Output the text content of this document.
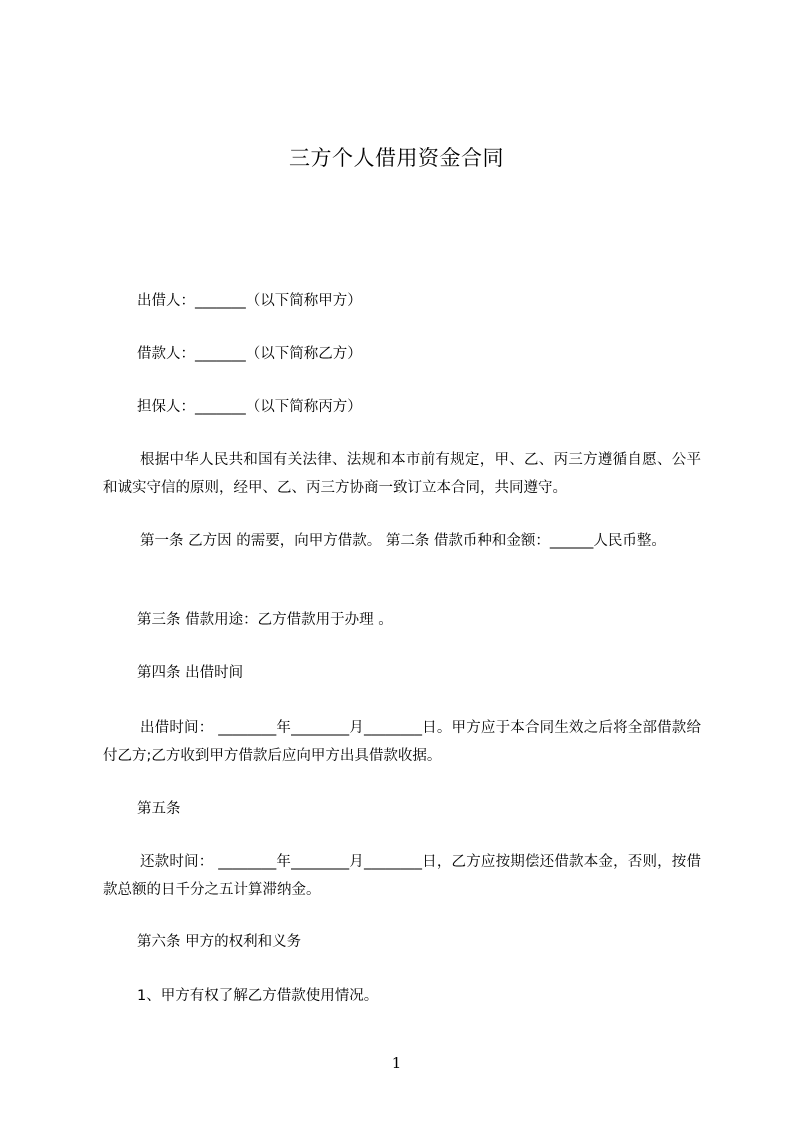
三方个人借用资金合同
出借人：_______（以下简称甲方）
借款人：_______（以下简称乙方）
担保人：_______（以下简称丙方）
根据中华人民共和国有关法律、法规和本市前有规定，甲、乙、丙三方遵循自愿、公平和诚实守信的原则，经甲、乙、丙三方协商一致订立本合同，共同遵守。
第一条 乙方因 的需要，向甲方借款。 第二条 借款币种和金额：______人民币整。
第三条 借款用途：乙方借款用于办理 。
第四条 出借时间
出借时间： ________年________月________日。甲方应于本合同生效之后将全部借款给付乙方;乙方收到甲方借款后应向甲方出具借款收据。
第五条
还款时间： ________年________月________日，乙方应按期偿还借款本金，否则，按借款总额的日千分之五计算滞纳金。
第六条 甲方的权利和义务
1、甲方有权了解乙方借款使用情况。
1
